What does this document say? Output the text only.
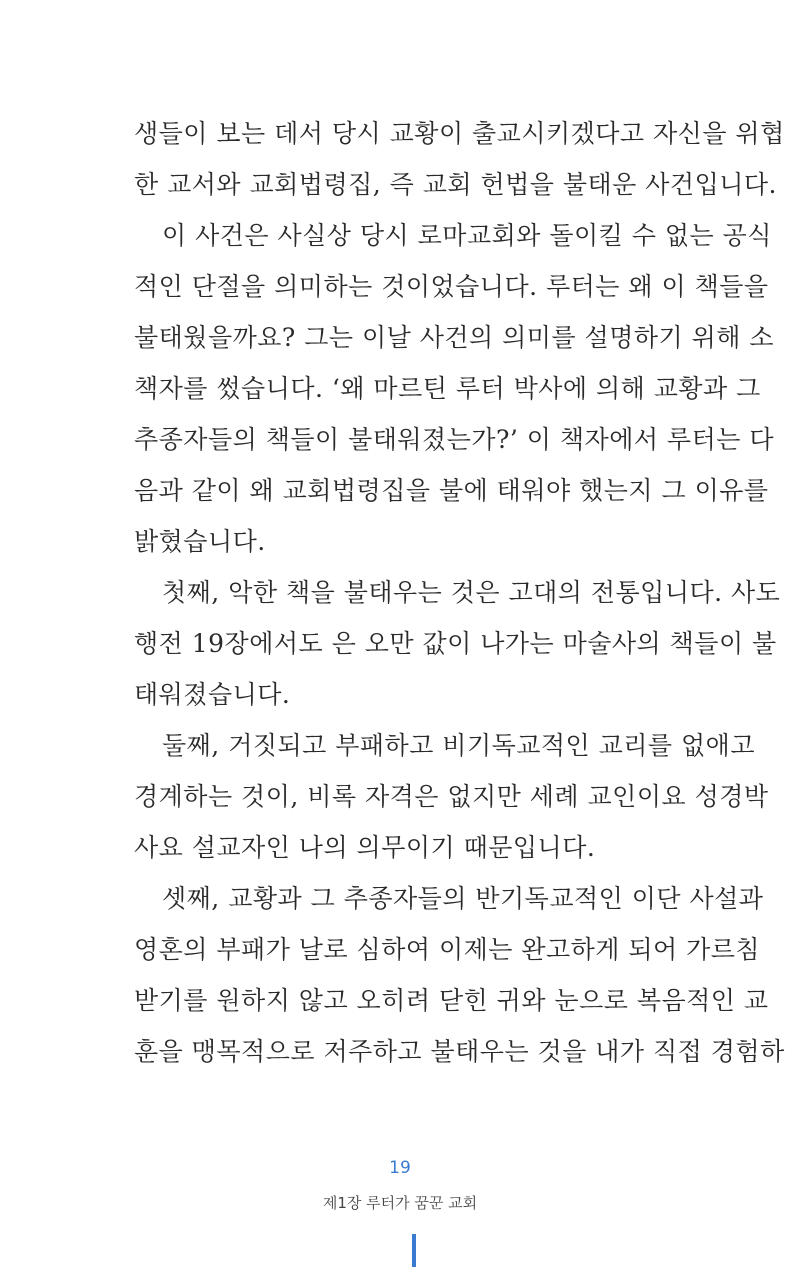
생들이 보는 데서 당시 교황이 출교시키겠다고 자신을 위협
한 교서와 교회법령집, 즉 교회 헌법을 불태운 사건입니다.
이 사건은 사실상 당시 로마교회와 돌이킬 수 없는 공식
적인 단절을 의미하는 것이었습니다. 루터는 왜 이 책들을
불태웠을까요? 그는 이날 사건의 의미를 설명하기 위해 소
책자를 썼습니다. ‘왜 마르틴 루터 박사에 의해 교황과 그
추종자들의 책들이 불태워졌는가?’ 이 책자에서 루터는 다
음과 같이 왜 교회법령집을 불에 태워야 했는지 그 이유를
밝혔습니다.
첫째, 악한 책을 불태우는 것은 고대의 전통입니다. 사도
행전 19장에서도 은 오만 값이 나가는 마술사의 책들이 불
태워졌습니다.
둘째, 거짓되고 부패하고 비기독교적인 교리를 없애고
경계하는 것이, 비록 자격은 없지만 세례 교인이요 성경박
사요 설교자인 나의 의무이기 때문입니다.
셋째, 교황과 그 추종자들의 반기독교적인 이단 사설과
영혼의 부패가 날로 심하여 이제는 완고하게 되어 가르침
받기를 원하지 않고 오히려 닫힌 귀와 눈으로 복음적인 교
훈을 맹목적으로 저주하고 불태우는 것을 내가 직접 경험하
19
제1장 루터가 꿈꾼 교회
